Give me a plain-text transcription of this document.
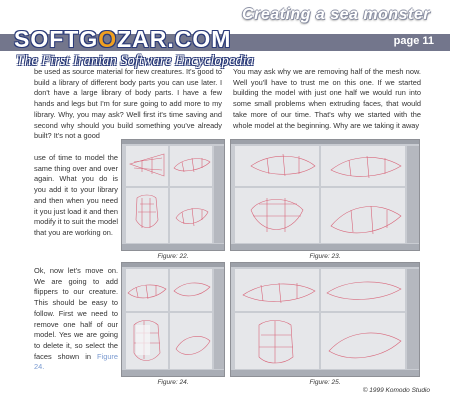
Creating a sea monster
page 11
SOFTGOZAR.COM
The First Iranian Software Encyclopedia

be used as source material for new creatures. It's good to build a library of different body parts you can use later. I don't have a large library of body parts. I have a few hands and legs but I'm for sure going to add more to my library. Why, you may ask? Well first it's time saving and second why should you build something you've already built? It's not a good

use of time to model the same thing over and over again. What you do is you add it to your library and then when you need it you just load it and then modify it to suit the model that you are working on.

Ok, now let's move on. We are going to add flippers to our creature. This should be easy to follow. First we need to remove one half of our model. Yes we are going to delete it, so select the faces shown in Figure 24.

You may ask why we are removing half of the mesh now. Well you'll have to trust me on this one. If we started building the model with just one half we would run into some small problems when extruding faces, that would take more of our time. That's why we started with the whole model at the beginning. Why are we taking it away

Figure: 22.	Figure: 23.
Figure: 24.	Figure: 25.
© 1999 Komodo Studio
